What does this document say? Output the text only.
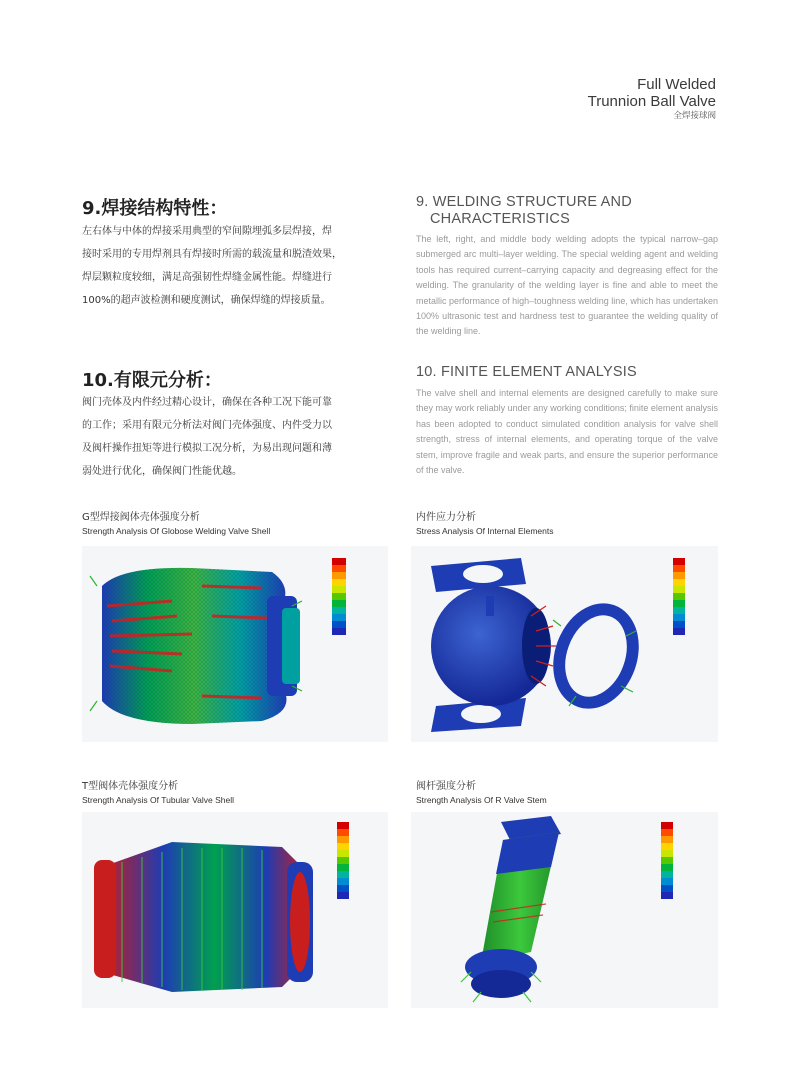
Full Welded
Trunnion Ball Valve
全焊接球阀
9.焊接结构特性：

左右体与中体的焊接采用典型的窄间隙埋弧多层焊接，焊

接时采用的专用焊剂具有焊接时所需的载流量和脱渣效果，

焊层颗粒度较细，满足高强韧性焊缝金属性能。焊缝进行

100%的超声波检测和硬度测试，确保焊缝的焊接质量。

9. WELDING STRUCTURE AND
CHARACTERISTICS
The left, right, and middle body welding adopts the typical narrow–gap submerged arc multi–layer welding. The special welding agent and welding tools has required current–carrying capacity and degreasing effect for the welding. The granularity of the welding layer is fine and able to meet the metallic performance of high–toughness welding line, which has undertaken 100% ultrasonic test and hardness test to guarantee the welding quality of the welding line.
10.有限元分析：

阀门壳体及内件经过精心设计，确保在各种工况下能可靠

的工作；采用有限元分析法对阀门壳体强度、内件受力以

及阀杆操作扭矩等进行模拟工况分析，为易出现问题和薄

弱处进行优化，确保阀门性能优越。

10. FINITE ELEMENT ANALYSIS
The valve shell and internal elements are designed carefully to make sure they may work reliably under any working conditions; finite element analysis has been adopted to conduct simulated condition analysis for valve shell strength, stress of internal elements, and operating torque of the valve stem, improve fragile and weak parts, and ensure the superior performance of the valve.
G型焊接阀体壳体强度分析
Strength Analysis Of Globose Welding Valve Shell
内件应力分析
Stress Analysis Of Internal Elements
T型阀体壳体强度分析
Strength Analysis Of Tubular Valve Shell
阀杆强度分析
Strength Analysis Of R Valve Stem
